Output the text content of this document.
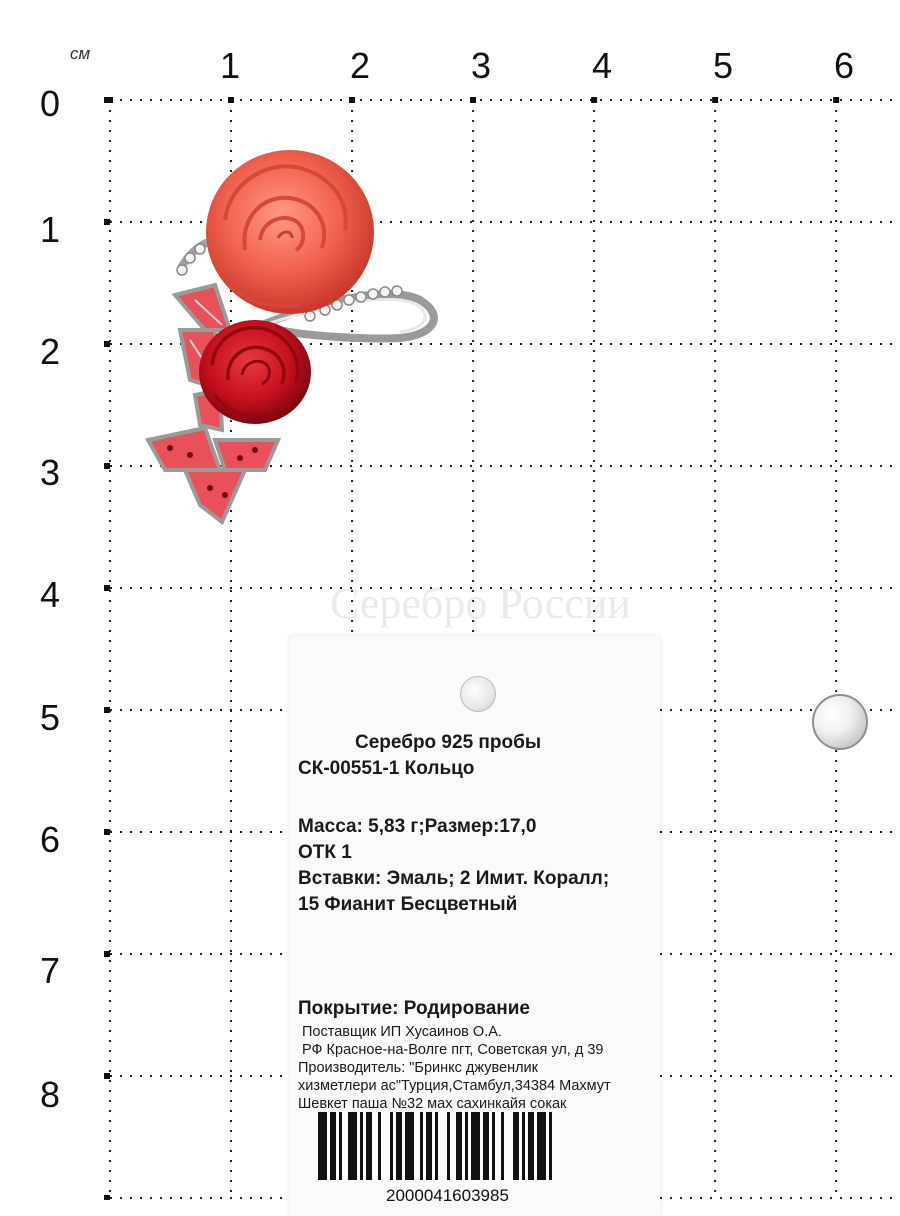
см	1	2	3	4	5	6
0
1
2
3
4
5
6
7
8
Серебро России
Серебро 925 пробы
СК-00551-1 Кольцо
Масса: 5,83 г;Размер:17,0
ОТК 1
Вставки: Эмаль; 2 Имит. Коралл;
15 Фианит Бесцветный
Покрытие: Родирование
Поставщик ИП Хусаинов О.А.
РФ Красное-на-Волге пгт, Советская ул, д 39
Производитель: "Бринкс джувенлик
хизметлери ас"Турция,Стамбул,34384 Махмут
Шевкет паша №32 мах сахинкайя сокак
2000041603985
